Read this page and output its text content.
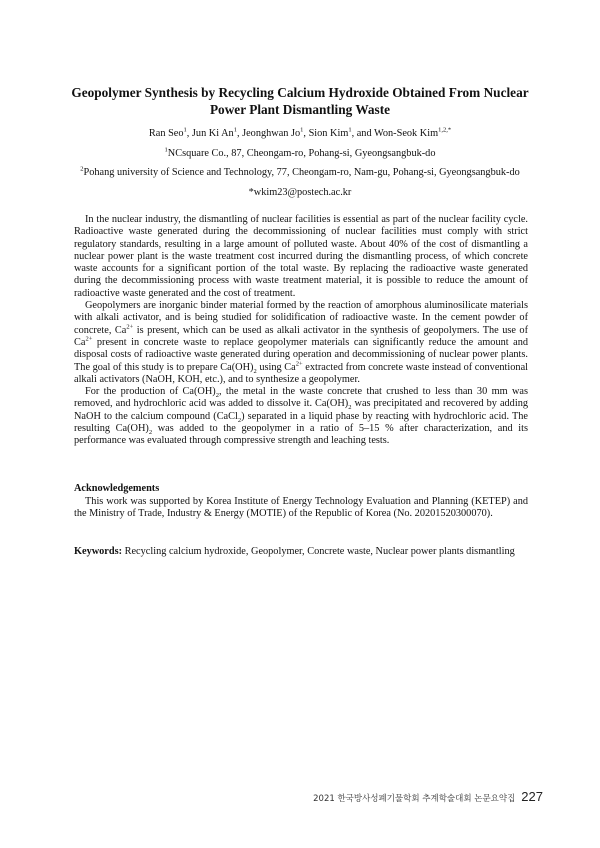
Geopolymer Synthesis by Recycling Calcium Hydroxide Obtained From Nuclear
Power Plant Dismantling Waste
Ran Seo$^1$, Jun Ki An$^1$, Jeonghwan Jo$^1$, Sion Kim$^1$, and Won-Seok Kim$^{1,2,*}$
$^1$NCsquare Co., 87, Cheongam-ro, Pohang-si, Gyeongsangbuk-do
$^2$Pohang university of Science and Technology, 77, Cheongam-ro, Nam-gu, Pohang-si, Gyeongsangbuk-do
*wkim23@postech.ac.kr

In the nuclear industry, the dismantling of nuclear facilities is essential as part of the nuclear facility cycle. Radioactive waste generated during the decommissioning of nuclear facilities must comply with strict regulatory standards, resulting in a large amount of polluted waste. About 40% of the cost of dismantling a nuclear power plant is the waste treatment cost incurred during the dismantling process, of which concrete waste accounts for a significant portion of the total waste. By replacing the radioactive waste generated during the decommissioning process with waste treatment material, it is possible to reduce the amount of radioactive waste generated and the cost of treatment.

Geopolymers are inorganic binder material formed by the reaction of amorphous aluminosilicate materials with alkali activator, and is being studied for solidification of radioactive waste. In the cement powder of concrete, $Ca^{2+}$ is present, which can be used as alkali activator in the synthesis of geopolymers. The use of $Ca^{2+}$ present in concrete waste to replace geopolymer materials can significantly reduce the amount and disposal costs of radioactive waste generated during operation and decommissioning of nuclear power plants. The goal of this study is to prepare $Ca(OH)_2$ using $Ca^{2+}$ extracted from concrete waste instead of conventional alkali activators (NaOH, KOH, etc.), and to synthesize a geopolymer.

For the production of $Ca(OH)_2$, the metal in the waste concrete that crushed to less than 30 mm was removed, and hydrochloric acid was added to dissolve it. $Ca(OH)_2$ was precipitated and recovered by adding NaOH to the calcium compound (CaCl$_2$) separated in a liquid phase by reacting with hydrochloric acid. The resulting $Ca(OH)_2$ was added to the geopolymer in a ratio of 5–15 % after characterization, and its performance was evaluated through compressive strength and leaching tests.

Acknowledgements
This work was supported by Korea Institute of Energy Technology Evaluation and Planning (KETEP) and the Ministry of Trade, Industry & Energy (MOTIE) of the Republic of Korea (No. 20201520300070).
Keywords: Recycling calcium hydroxide, Geopolymer, Concrete waste, Nuclear power plants dismantling
2021 한국방사성폐기물학회 추계학술대회 논문요약집 227
